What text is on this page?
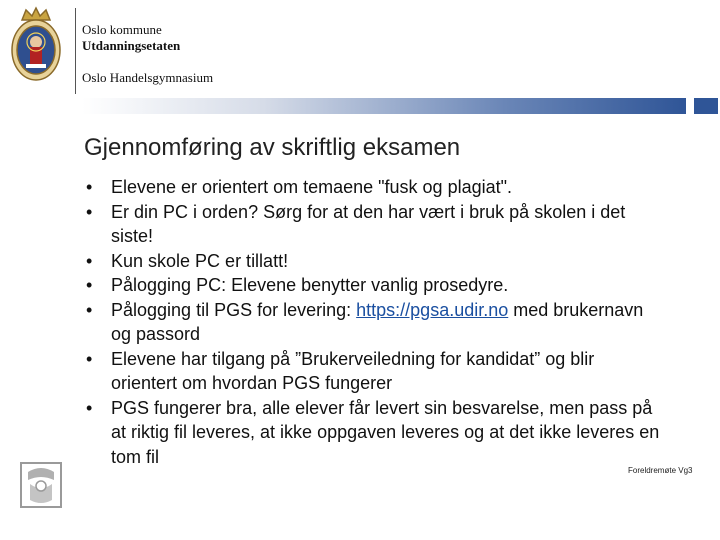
Oslo kommune
Utdanningsetaten
Oslo Handelsgymnasium
Gjennomføring av skriftlig eksamen
• Elevene er orientert om temaene "fusk og plagiat".
• Er din PC i orden? Sørg for at den har vært i bruk på skolen i det siste!
• Kun skole PC er tillatt!
• Pålogging PC: Elevene benytter vanlig prosedyre.
• Pålogging til PGS for levering: https://pgsa.udir.no med brukernavn og passord
• Elevene har tilgang på ”Brukerveiledning for kandidat” og blir orientert om hvordan PGS fungerer
• PGS fungerer bra, alle elever får levert sin besvarelse, men pass på at riktig fil leveres, at ikke oppgaven leveres og at det ikke leveres en tom fil
Foreldremøte Vg3
